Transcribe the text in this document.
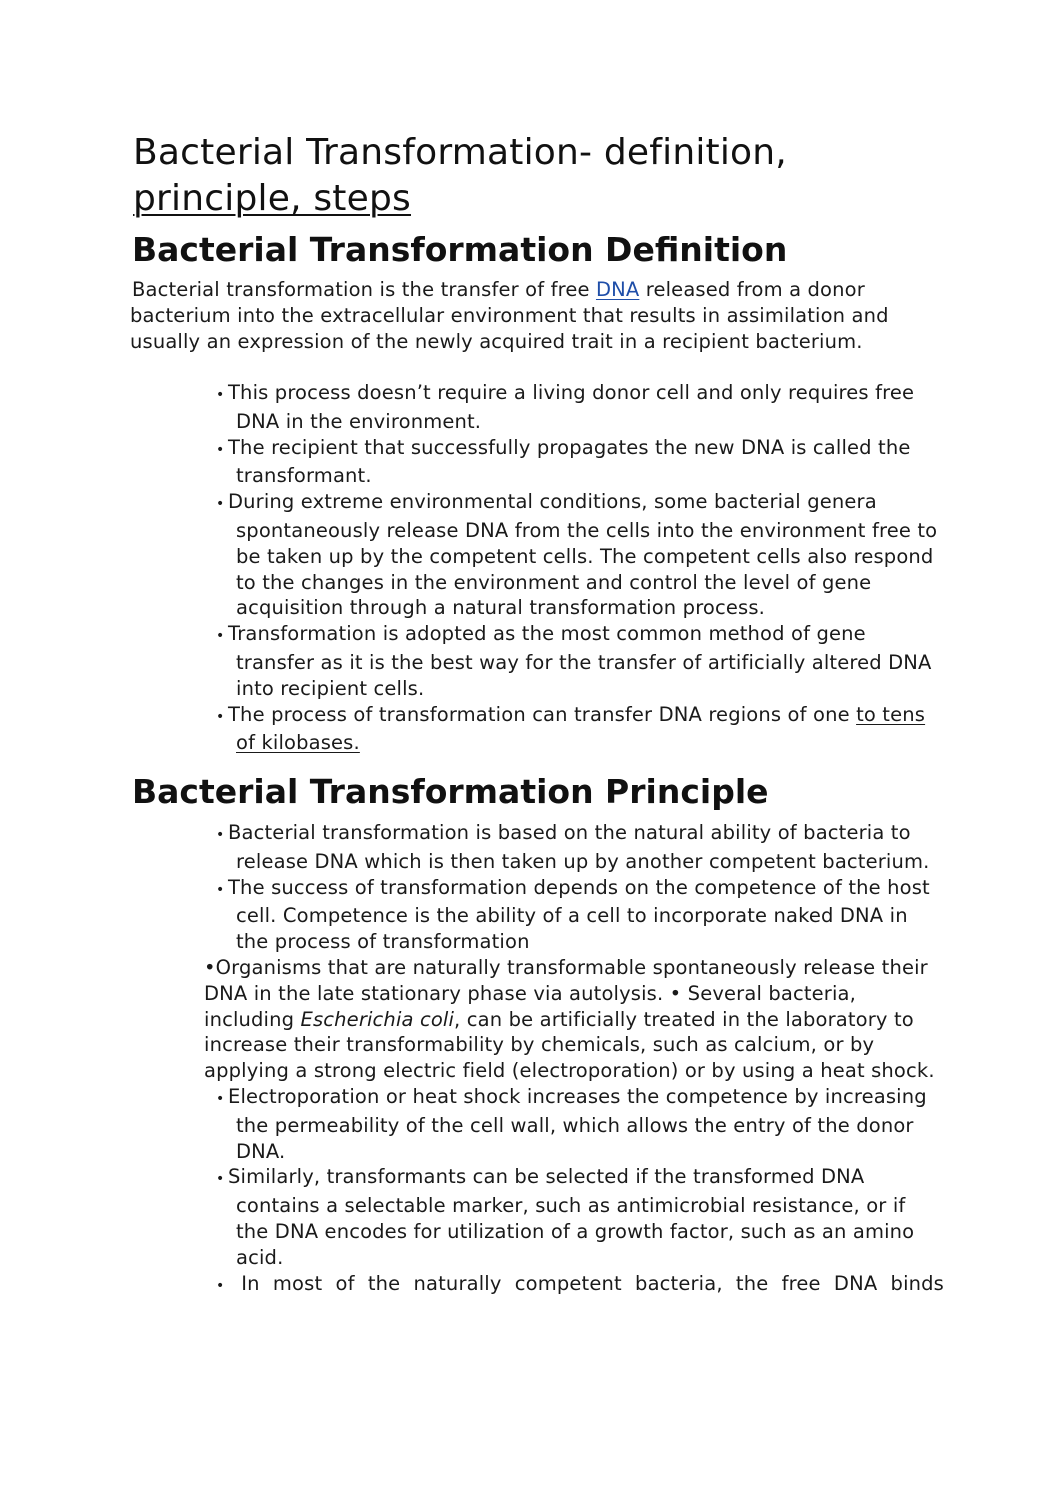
Bacterial Transformation- definition,
principle, steps
Bacterial Transformation Definition

Bacterial transformation is the transfer of free DNA released from a donor bacterium into the extracellular environment that results in assimilation and usually an expression of the newly acquired trait in a recipient bacterium.

• This process doesn’t require a living donor cell and only requires free DNA in the environment.
• The recipient that successfully propagates the new DNA is called the transformant.
• During extreme environmental conditions, some bacterial genera spontaneously release DNA from the cells into the environment free to be taken up by the competent cells. The competent cells also respond to the changes in the environment and control the level of gene acquisition through a natural transformation process.
• Transformation is adopted as the most common method of gene transfer as it is the best way for the transfer of artificially altered DNA into recipient cells.
• The process of transformation can transfer DNA regions of one to tens of kilobases.
Bacterial Transformation Principle
• Bacterial transformation is based on the natural ability of bacteria to release DNA which is then taken up by another competent bacterium.
• The success of transformation depends on the competence of the host cell. Competence is the ability of a cell to incorporate naked DNA in the process of transformation
•Organisms that are naturally transformable spontaneously release their DNA in the late stationary phase via autolysis. • Several bacteria, including Escherichia coli, can be artificially treated in the laboratory to increase their transformability by chemicals, such as calcium, or by applying a strong electric field (electroporation) or by using a heat shock.
• Electroporation or heat shock increases the competence by increasing the permeability of the cell wall, which allows the entry of the donor DNA.
• Similarly, transformants can be selected if the transformed DNA contains a selectable marker, such as antimicrobial resistance, or if the DNA encodes for utilization of a growth factor, such as an amino acid.
• In most of the naturally competent bacteria, the free DNA binds
